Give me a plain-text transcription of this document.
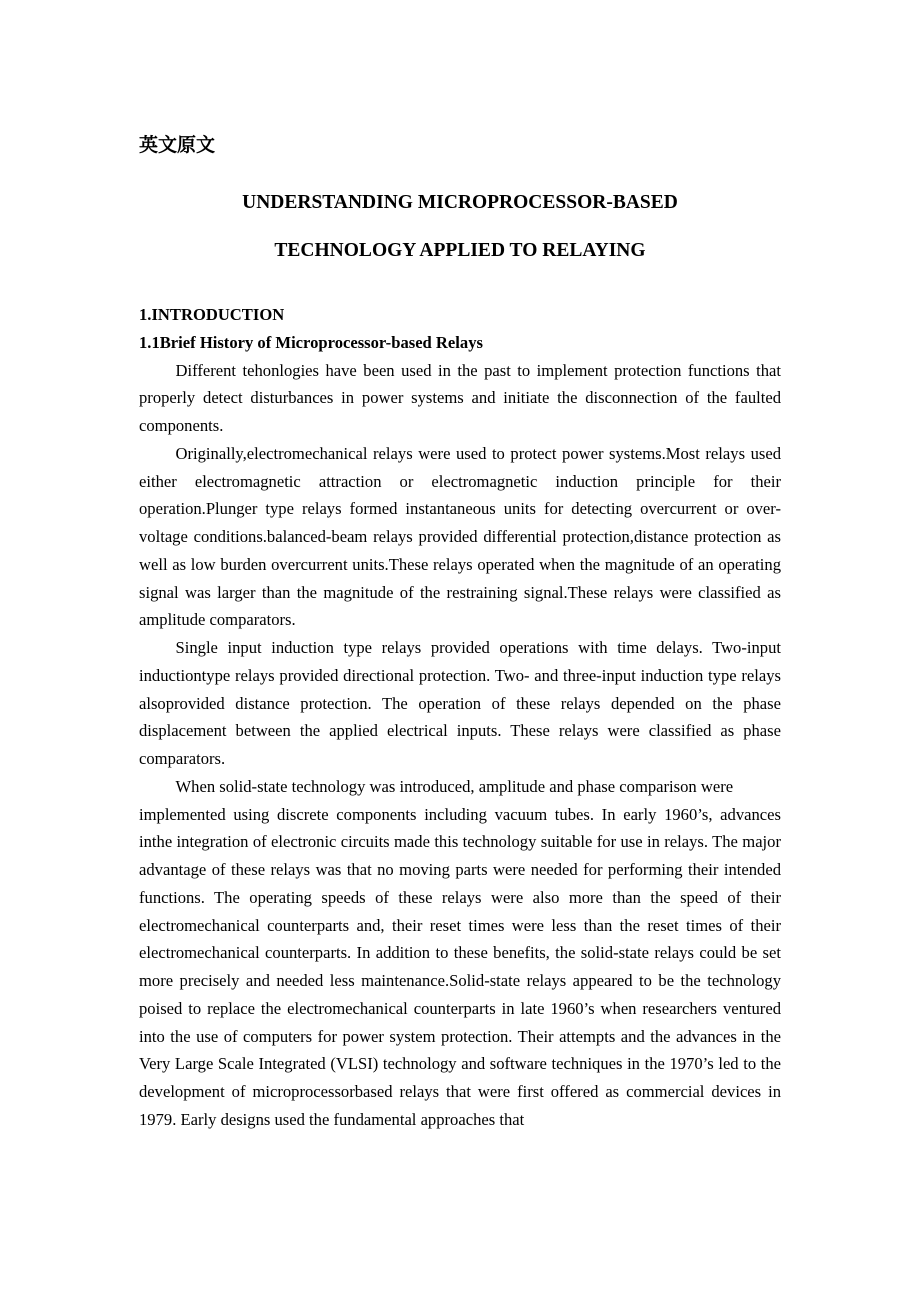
英文原文
UNDERSTANDING MICROPROCESSOR-BASED
TECHNOLOGY APPLIED TO RELAYING
1.INTRODUCTION
1.1Brief History of Microprocessor-based Relays

Different tehonlogies have been used in the past to implement protection functions that properly detect disturbances in power systems and initiate the disconnection of the faulted components.

Originally,electromechanical relays were used to protect power systems.Most relays used either electromagnetic attraction or electromagnetic induction principle for their operation.Plunger type relays formed instantaneous units for detecting overcurrent or over-voltage conditions.balanced-beam relays provided differential protection,distance protection as well as low burden overcurrent units.These relays operated when the magnitude of an operating signal was larger than the magnitude of the restraining signal.These relays were classified as amplitude comparators.

Single input induction type relays provided operations with time delays. Two-input inductiontype relays provided directional protection. Two- and three-input induction type relays alsoprovided distance protection. The operation of these relays depended on the phase displacement between the applied electrical inputs. These relays were classified as phase comparators.

When solid-state technology was introduced, amplitude and phase comparison were

implemented using discrete components including vacuum tubes. In early 1960’s, advances inthe integration of electronic circuits made this technology suitable for use in relays. The major advantage of these relays was that no moving parts were needed for performing their intended functions. The operating speeds of these relays were also more than the speed of their electromechanical counterparts and, their reset times were less than the reset times of their electromechanical counterparts. In addition to these benefits, the solid-state relays could be set more precisely and needed less maintenance.Solid-state relays appeared to be the technology poised to replace the electromechanical counterparts in late 1960’s when researchers ventured into the use of computers for power system protection. Their attempts and the advances in the Very Large Scale Integrated (VLSI) technology and software techniques in the 1970’s led to the development of microprocessorbased relays that were first offered as commercial devices in 1979. Early designs used the fundamental approaches that
